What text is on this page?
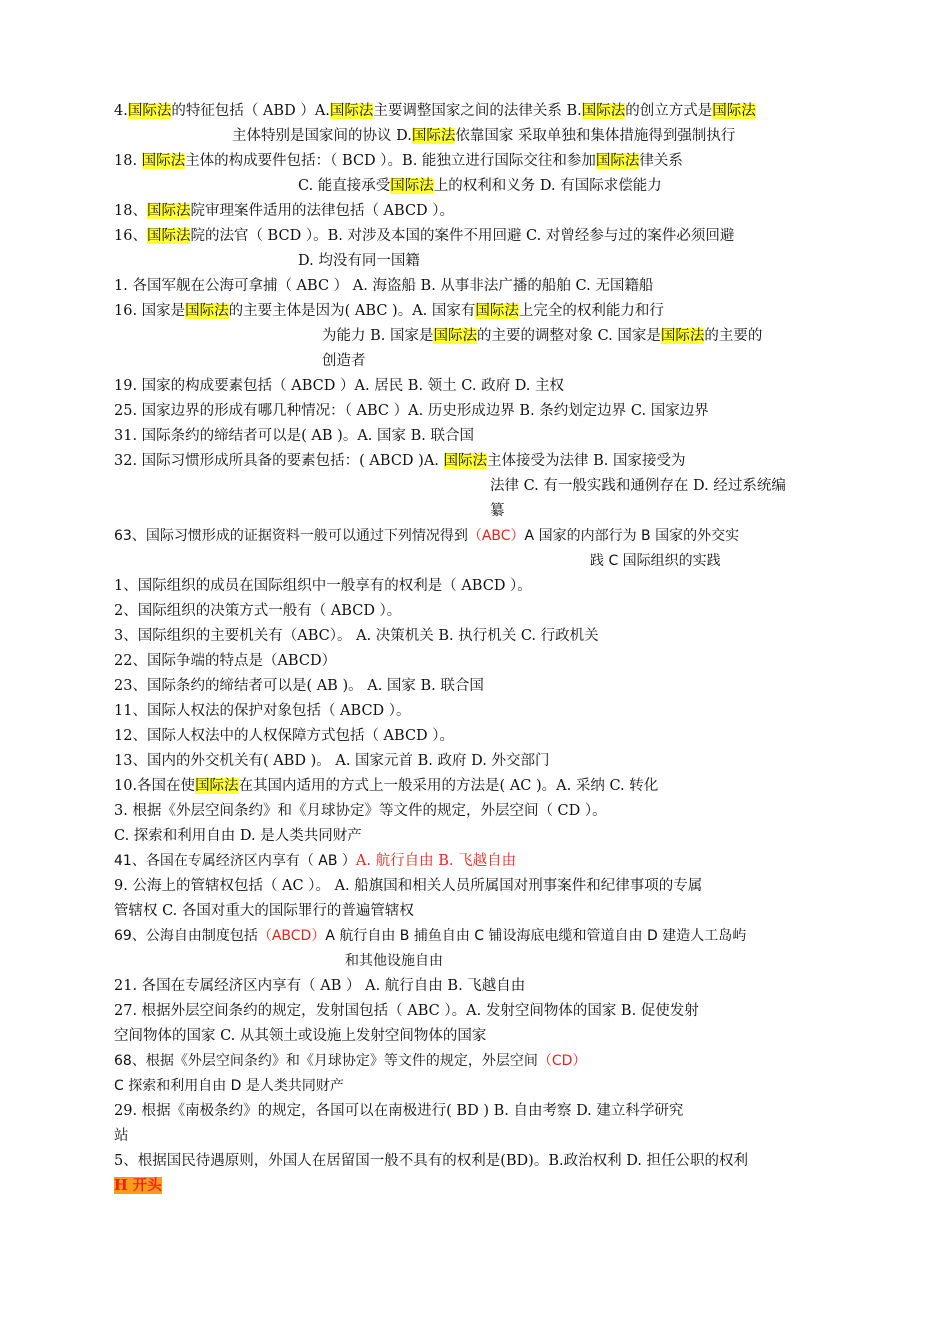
4.国际法的特征包括（ ABD ）A.国际法主要调整国家之间的法律关系 B.国际法的创立方式是国际法
主体特别是国家间的协议 D.国际法依靠国家 采取单独和集体措施得到强制执行
18. 国际法主体的构成要件包括：（ BCD ）。B. 能独立进行国际交往和参加国际法律关系
C. 能直接承受国际法上的权利和义务 D. 有国际求偿能力
18、国际法院审理案件适用的法律包括（ ABCD ）。
16、国际法院的法官（ BCD ）。B. 对涉及本国的案件不用回避 C. 对曾经参与过的案件必须回避
D. 均没有同一国籍
1. 各国军舰在公海可拿捕（ ABC ） A. 海盗船 B. 从事非法广播的船舶 C. 无国籍船
16. 国家是国际法的主要主体是因为( ABC )。A. 国家有国际法上完全的权利能力和行
为能力 B. 国家是国际法的主要的调整对象 C. 国家是国际法的主要的
创造者
19. 国家的构成要素包括（ ABCD ）A. 居民 B. 领土 C. 政府 D. 主权
25. 国家边界的形成有哪几种情况：（ ABC ）A. 历史形成边界 B. 条约划定边界 C. 国家边界
31. 国际条约的缔结者可以是( AB )。A. 国家 B. 联合国
32. 国际习惯形成所具备的要素包括：( ABCD )A. 国际法主体接受为法律 B. 国家接受为
法律 C. 有一般实践和通例存在 D. 经过系统编
纂
63、国际习惯形成的证据资料一般可以通过下列情况得到（ABC）A 国家的内部行为 B 国家的外交实
践 C 国际组织的实践
1、国际组织的成员在国际组织中一般享有的权利是（ ABCD ）。
2、国际组织的决策方式一般有（ ABCD ）。
3、国际组织的主要机关有（ABC）。 A. 决策机关 B. 执行机关 C. 行政机关
22、国际争端的特点是（ABCD）
23、国际条约的缔结者可以是( AB )。 A. 国家 B. 联合国
11、国际人权法的保护对象包括（ ABCD ）。
12、国际人权法中的人权保障方式包括（ ABCD ）。
13、国内的外交机关有( ABD )。 A. 国家元首 B. 政府 D. 外交部门
10.各国在使国际法在其国内适用的方式上一般采用的方法是( AC )。A. 采纳 C. 转化
3. 根据《外层空间条约》和《月球协定》等文件的规定，外层空间（ CD ）。
C. 探索和利用自由 D. 是人类共同财产
41、各国在专属经济区内享有（ AB ）A. 航行自由 B. 飞越自由
9. 公海上的管辖权包括（ AC ）。 A. 船旗国和相关人员所属国对刑事案件和纪律事项的专属
管辖权 C. 各国对重大的国际罪行的普遍管辖权
69、公海自由制度包括（ABCD）A 航行自由 B 捕鱼自由 C 铺设海底电缆和管道自由 D 建造人工岛屿
和其他设施自由
21. 各国在专属经济区内享有（ AB ） A. 航行自由 B. 飞越自由
27. 根据外层空间条约的规定，发射国包括（ ABC ）。A. 发射空间物体的国家 B. 促使发射
空间物体的国家 C. 从其领土或设施上发射空间物体的国家
68、根据《外层空间条约》和《月球协定》等文件的规定，外层空间（CD）
C 探索和利用自由 D 是人类共同财产
29. 根据《南极条约》的规定，各国可以在南极进行( BD ) B. 自由考察 D. 建立科学研究
站
5、根据国民待遇原则，外国人在居留国一般不具有的权利是(BD)。B.政治权利 D. 担任公职的权利
H 开头
